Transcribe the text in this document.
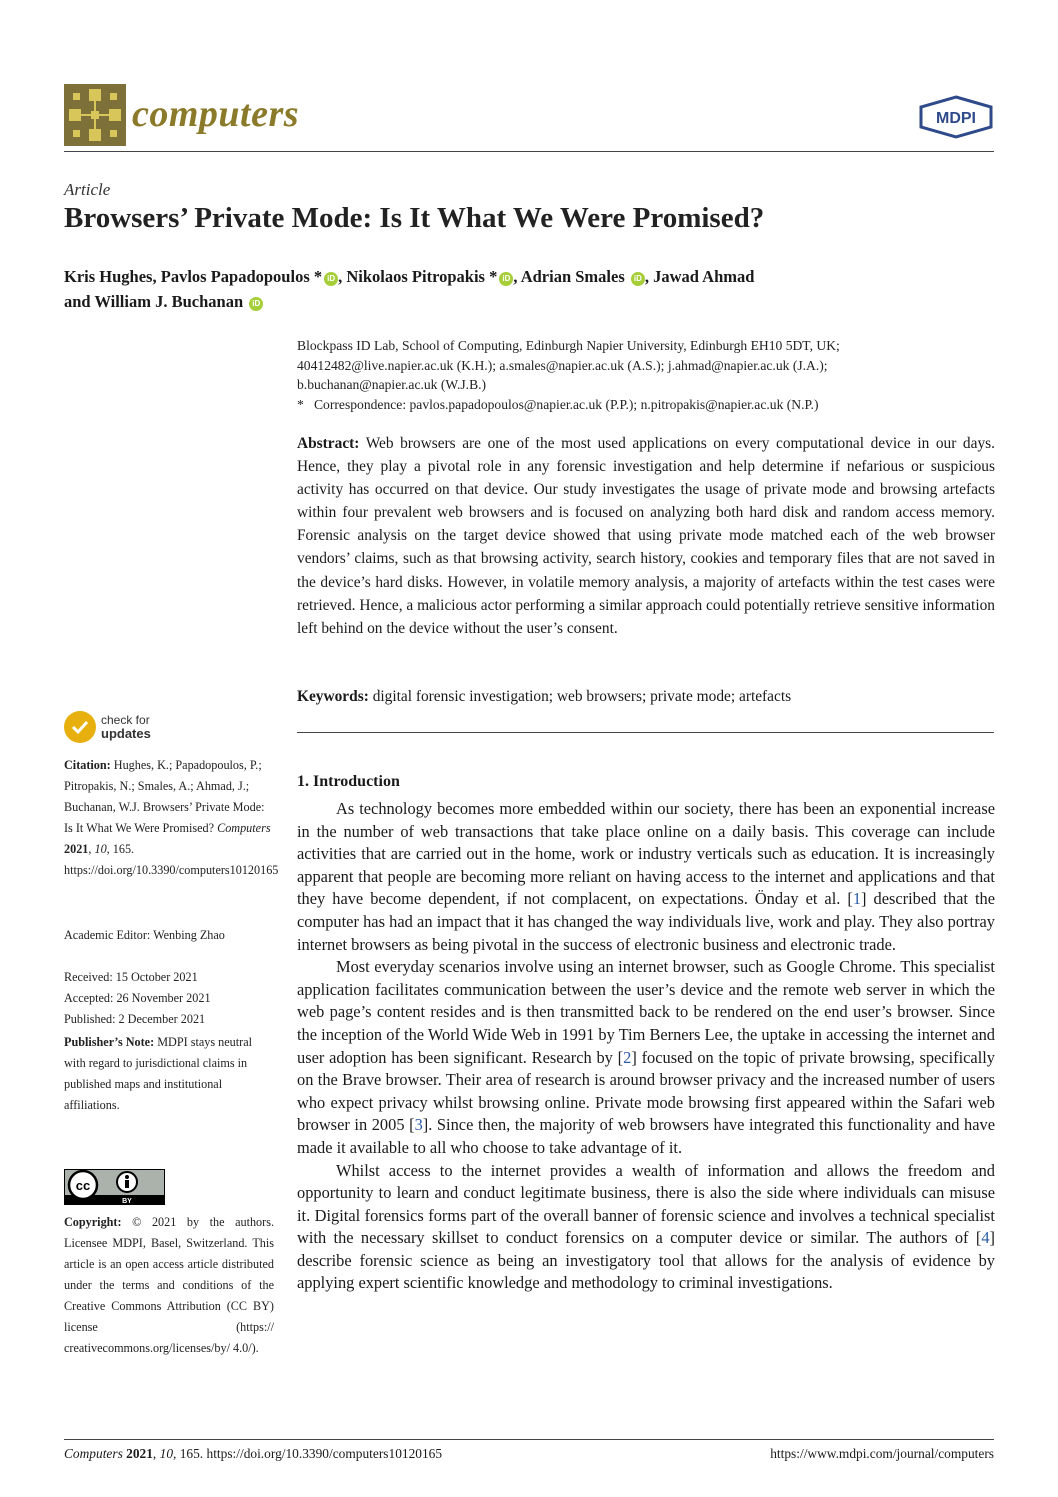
computers	MDPI
Article
Browsers’ Private Mode: Is It What We Were Promised?
Kris Hughes, Pavlos Papadopoulos * iD , Nikolaos Pitropakis * iD , Adrian Smales iD , Jawad Ahmad
and William J. Buchanan iD
Blockpass ID Lab, School of Computing, Edinburgh Napier University, Edinburgh EH10 5DT, UK;
40412482@live.napier.ac.uk (K.H.); a.smales@napier.ac.uk (A.S.); j.ahmad@napier.ac.uk (J.A.);
b.buchanan@napier.ac.uk (W.J.B.)
*   Correspondence: pavlos.papadopoulos@napier.ac.uk (P.P.); n.pitropakis@napier.ac.uk (N.P.)
Abstract: Web browsers are one of the most used applications on every computational device in our days. Hence, they play a pivotal role in any forensic investigation and help determine if nefarious or suspicious activity has occurred on that device. Our study investigates the usage of private mode and browsing artefacts within four prevalent web browsers and is focused on analyzing both hard disk and random access memory. Forensic analysis on the target device showed that using private mode matched each of the web browser vendors’ claims, such as that browsing activity, search history, cookies and temporary files that are not saved in the device’s hard disks. However, in volatile memory analysis, a majority of artefacts within the test cases were retrieved. Hence, a malicious actor performing a similar approach could potentially retrieve sensitive information left behind on the device without the user’s consent.
Keywords: digital forensic investigation; web browsers; private mode; artefacts
1. Introduction

As technology becomes more embedded within our society, there has been an exponential increase in the number of web transactions that take place online on a daily basis. This coverage can include activities that are carried out in the home, work or industry verticals such as education. It is increasingly apparent that people are becoming more reliant on having access to the internet and applications and that they have become dependent, if not complacent, on expectations. Önday et al. [1] described that the computer has had an impact that it has changed the way individuals live, work and play. They also portray internet browsers as being pivotal in the success of electronic business and electronic trade.

Most everyday scenarios involve using an internet browser, such as Google Chrome. This specialist application facilitates communication between the user’s device and the remote web server in which the web page’s content resides and is then transmitted back to be rendered on the end user’s browser. Since the inception of the World Wide Web in 1991 by Tim Berners Lee, the uptake in accessing the internet and user adoption has been significant. Research by [2] focused on the topic of private browsing, specifically on the Brave browser. Their area of research is around browser privacy and the increased number of users who expect privacy whilst browsing online. Private mode browsing first appeared within the Safari web browser in 2005 [3]. Since then, the majority of web browsers have integrated this functionality and have made it available to all who choose to take advantage of it.

Whilst access to the internet provides a wealth of information and allows the freedom and opportunity to learn and conduct legitimate business, there is also the side where individuals can misuse it. Digital forensics forms part of the overall banner of forensic science and involves a technical specialist with the necessary skillset to conduct forensics on a computer device or similar. The authors of [4] describe forensic science as being an investigatory tool that allows for the analysis of evidence by applying expert scientific knowledge and methodology to criminal investigations.

check for
updates
Citation: Hughes, K.; Papadopoulos, P.; Pitropakis, N.; Smales, A.; Ahmad, J.; Buchanan, W.J. Browsers’ Private Mode: Is It What We Were Promised? Computers 2021, 10, 165. https://doi.org/10.3390/computers10120165
Academic Editor: Wenbing Zhao
Received: 15 October 2021
Accepted: 26 November 2021
Published: 2 December 2021
Publisher’s Note: MDPI stays neutral with regard to jurisdictional claims in published maps and institutional affiliations.
cc
BY
Copyright: © 2021 by the authors. Licensee MDPI, Basel, Switzerland. This article is an open access article distributed under the terms and conditions of the Creative Commons Attribution (CC BY) license (https:// creativecommons.org/licenses/by/ 4.0/).
Computers 2021, 10, 165. https://doi.org/10.3390/computers10120165	https://www.mdpi.com/journal/computers
